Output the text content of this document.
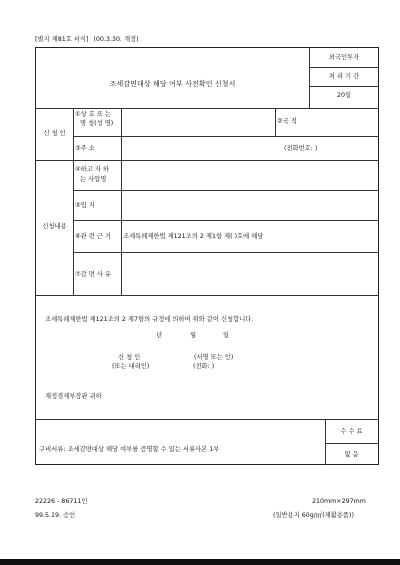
[별지 제81호 서식] (00.3.30. 개정)
외국인투자
처 리 기 간
20일
조세감면대상 해당 여부 사전확인 신청서
신 청 인
①상 호 또 는
명 칭(성 명)	②국 적
③주 소	(전화번호: )
신청내용
④하고 자 하
는 사업명
⑤입 지
⑥관 련 근 거 조세특례제한법 제121조의 2 제1항 제( )호에 해당
⑦감 면 사 유
조세특례제한법 제121조의 2 제7항의 규정에 의하여 위와 같이 신청합니다.
년	월	일
신 청 인
(또는 대리인)
(서명 또는 인)
(전화: )
재정경제부장관 귀하
구비서류: 조세감면대상 해당 여부를 증명할 수 있는 서류사본 1부
수 수 료
없 음
22226 - 86711인
99.5.19. 승인
210mm×297mm
(일반용지 60g/㎡(재활용품))
